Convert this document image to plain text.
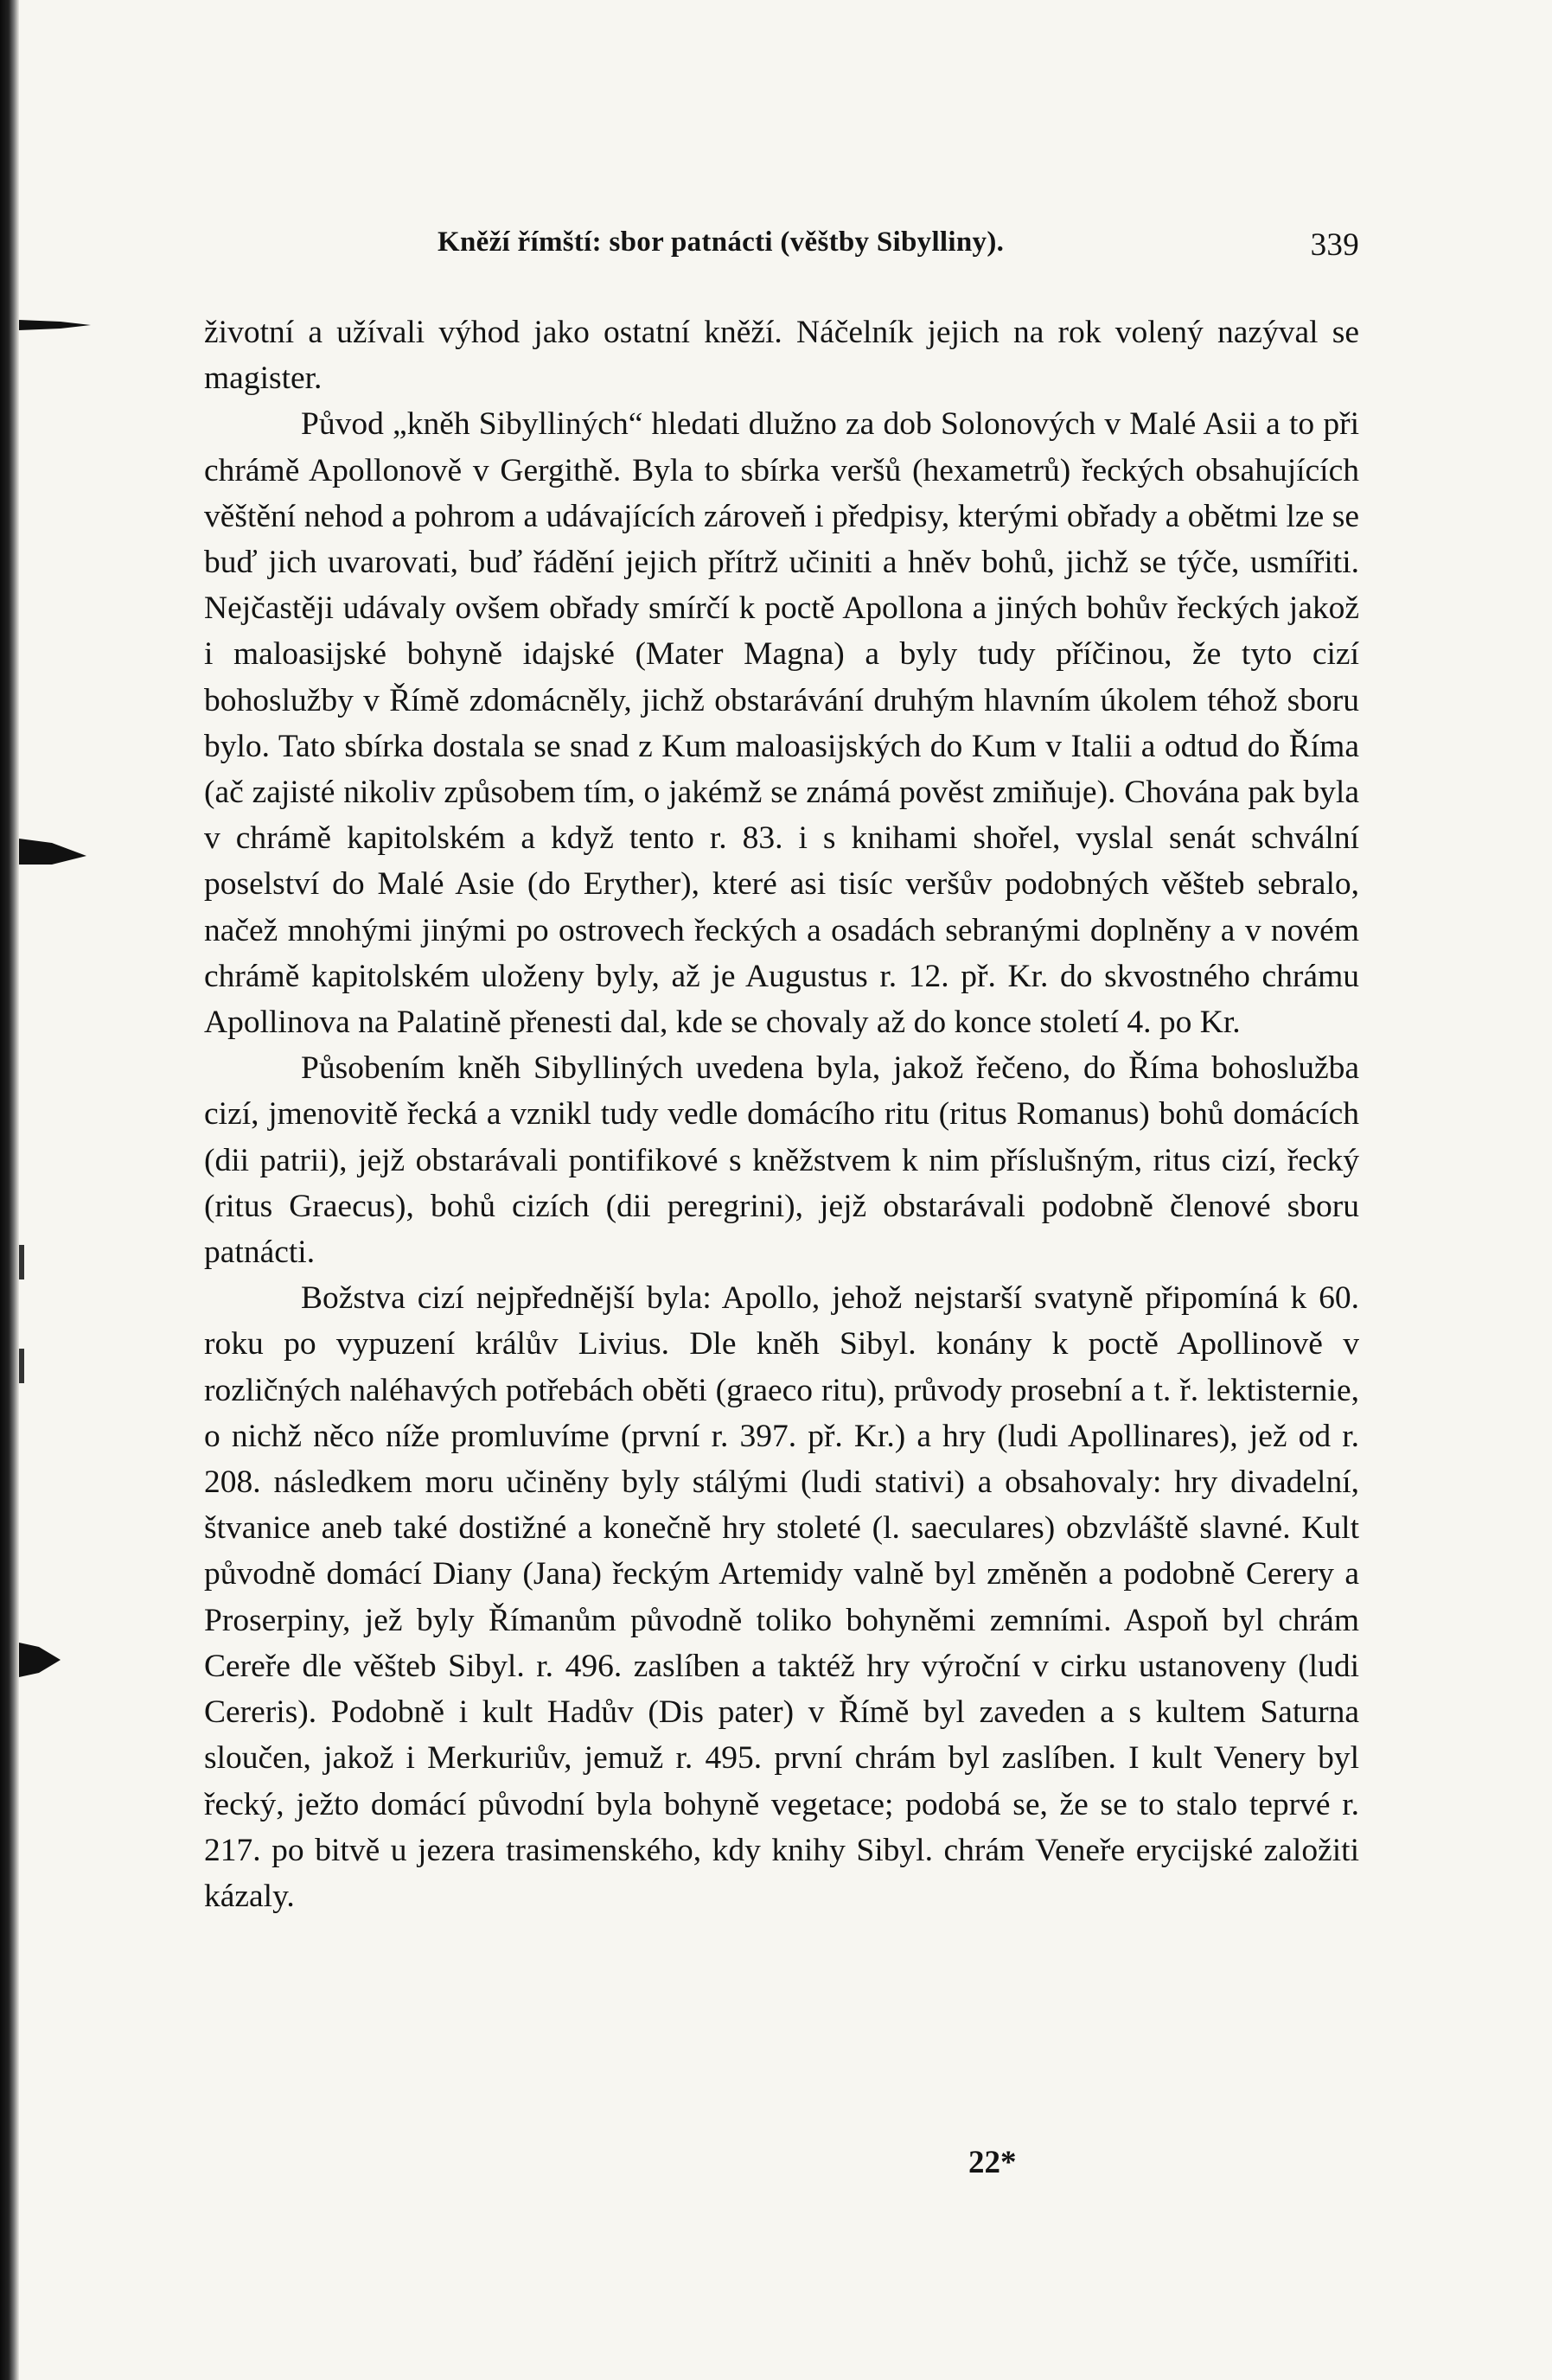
Kněží římští: sbor patnácti (věštby Sibylliny).	339

životní a užívali výhod jako ostatní kněží. Náčelník jejich na rok volený nazýval se magister.

Původ „kněh Sibylliných“ hledati dlužno za dob Solonových v Malé Asii a to při chrámě Apollonově v Gergithě. Byla to sbírka veršů (hexametrů) řeckých obsahujících věštění nehod a pohrom a udávajících zároveň i předpisy, kterými obřady a obětmi lze se buď jich uvarovati, buď řádění jejich přítrž učiniti a hněv bohů, jichž se týče, usmířiti. Nejčastěji udávaly ovšem obřady smírčí k poctě Apollona a jiných bohův řeckých jakož i maloasijské bohyně idajské (Mater Magna) a byly tudy příčinou, že tyto cizí bohoslužby v Římě zdomácněly, jichž obstarávání druhým hlavním úkolem téhož sboru bylo. Tato sbírka dostala se snad z Kum maloasijských do Kum v Italii a odtud do Říma (ač zajisté nikoliv způsobem tím, o jakémž se známá pověst zmiňuje). Chována pak byla v chrámě kapitolském a když tento r. 83. i s knihami shořel, vyslal senát schvální poselství do Malé Asie (do Eryther), které asi tisíc veršův podobných věšteb sebralo, načež mnohými jinými po ostrovech řeckých a osadách sebranými doplněny a v novém chrámě kapitolském uloženy byly, až je Augustus r. 12. př. Kr. do skvostného chrámu Apollinova na Palatině přenesti dal, kde se chovaly až do konce století 4. po Kr.

Působením kněh Sibylliných uvedena byla, jakož řečeno, do Říma bohoslužba cizí, jmenovitě řecká a vznikl tudy vedle domácího ritu (ritus Romanus) bohů domácích (dii patrii), jejž obstarávali pontifikové s kněžstvem k nim příslušným, ritus cizí, řecký (ritus Graecus), bohů cizích (dii peregrini), jejž obstarávali podobně členové sboru patnácti.

Božstva cizí nejpřednější byla: Apollo, jehož nejstarší svatyně připomíná k 60. roku po vypuzení králův Livius. Dle kněh Sibyl. konány k poctě Apollinově v rozličných naléhavých potřebách oběti (graeco ritu), průvody prosební a t. ř. lektisternie, o nichž něco níže promluvíme (první r. 397. př. Kr.) a hry (ludi Apollinares), jež od r. 208. následkem moru učiněny byly stálými (ludi stativi) a obsahovaly: hry divadelní, štvanice aneb také dostižné a konečně hry stoleté (l. saeculares) obzvláště slavné. Kult původně domácí Diany (Jana) řeckým Artemidy valně byl změněn a podobně Cerery a Proserpiny, jež byly Římanům původně toliko bohyněmi zemními. Aspoň byl chrám Cereře dle věšteb Sibyl. r. 496. zaslíben a taktéž hry výroční v cirku ustanoveny (ludi Cereris). Podobně i kult Hadův (Dis pater) v Římě byl zaveden a s kultem Saturna sloučen, jakož i Merkuriův, jemuž r. 495. první chrám byl zaslíben. I kult Venery byl řecký, ježto domácí původní byla bohyně vegetace; podobá se, že se to stalo teprvé r. 217. po bitvě u jezera trasimenského, kdy knihy Sibyl. chrám Veneře erycijské založiti kázaly.

22*
